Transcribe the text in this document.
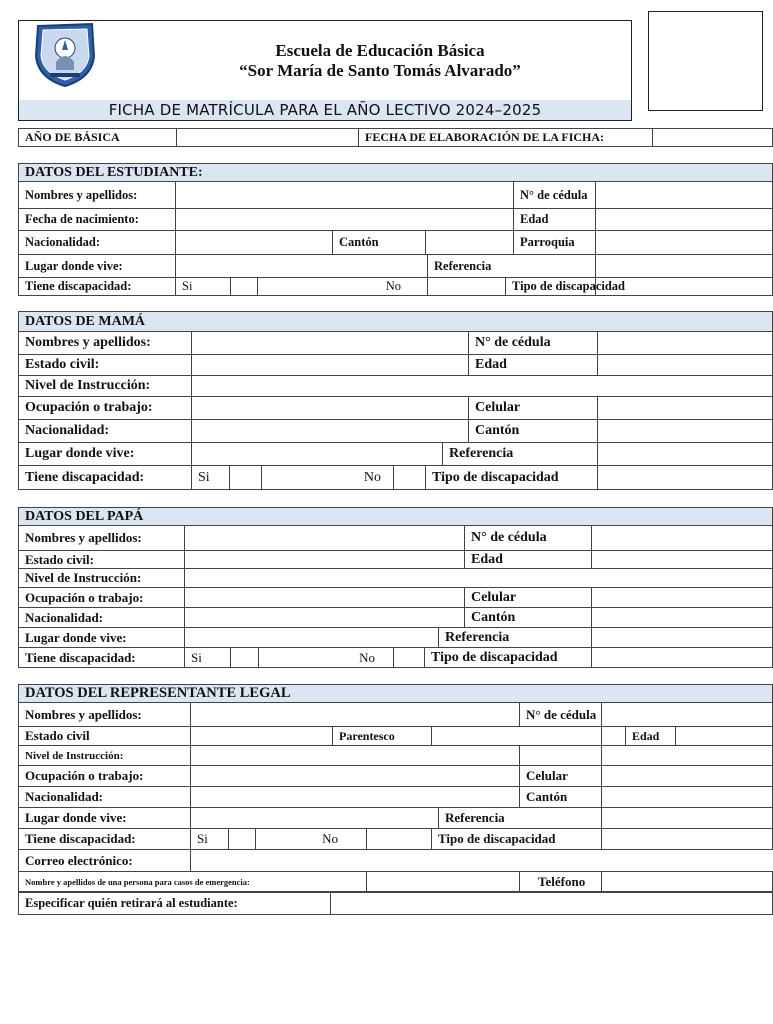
Escuela de Educación Básica
“Sor María de Santo Tomás Alvarado”
FICHA DE MATRÍCULA PARA EL AÑO LECTIVO 2024–2025
AÑO DE BÁSICA		FECHA DE ELABORACIÓN DE LA FICHA:	
DATOS DEL ESTUDIANTE:									
Nombres y apellidos:								N° de cédula	
Fecha de nacimiento:								Edad	
Nacionalidad:				Cantón				Parroquia	
Lugar donde vive:						Referencia			
Tiene discapacidad:	Si		No				Tipo de discapacidad		
DATOS DE MAMÁ								
Nombres y apellidos:							N° de cédula	
Estado civil:							Edad	
Nivel de Instrucción:								
Ocupación o trabajo:							Celular	
Nacionalidad:							Cantón	
Lugar donde vive:						Referencia		
Tiene discapacidad:	Si		No		Tipo de discapacidad			
DATOS DEL PAPÁ								
Nombres y apellidos:							N° de cédula	
Estado civil:							Edad	
Nivel de Instrucción:								
Ocupación o trabajo:							Celular	
Nacionalidad:							Cantón	
Lugar donde vive:						Referencia		
Tiene discapacidad:	Si		No		Tipo de discapacidad			
DATOS DEL REPRESENTANTE LEGAL											
Nombres y apellidos:								N° de cédula			
Estado civil				Parentesco						Edad	
Nivel de Instrucción:											
Ocupación o trabajo:								Celular			
Nacionalidad:								Cantón			
Lugar donde vive:							Referencia				
Tiene discapacidad:	Si		No			Tipo de discapacidad					
Correo electrónico:											
Nombre y apellidos de una persona para casos de emergencia:								Teléfono			
Especificar quién retirará al estudiante:	
